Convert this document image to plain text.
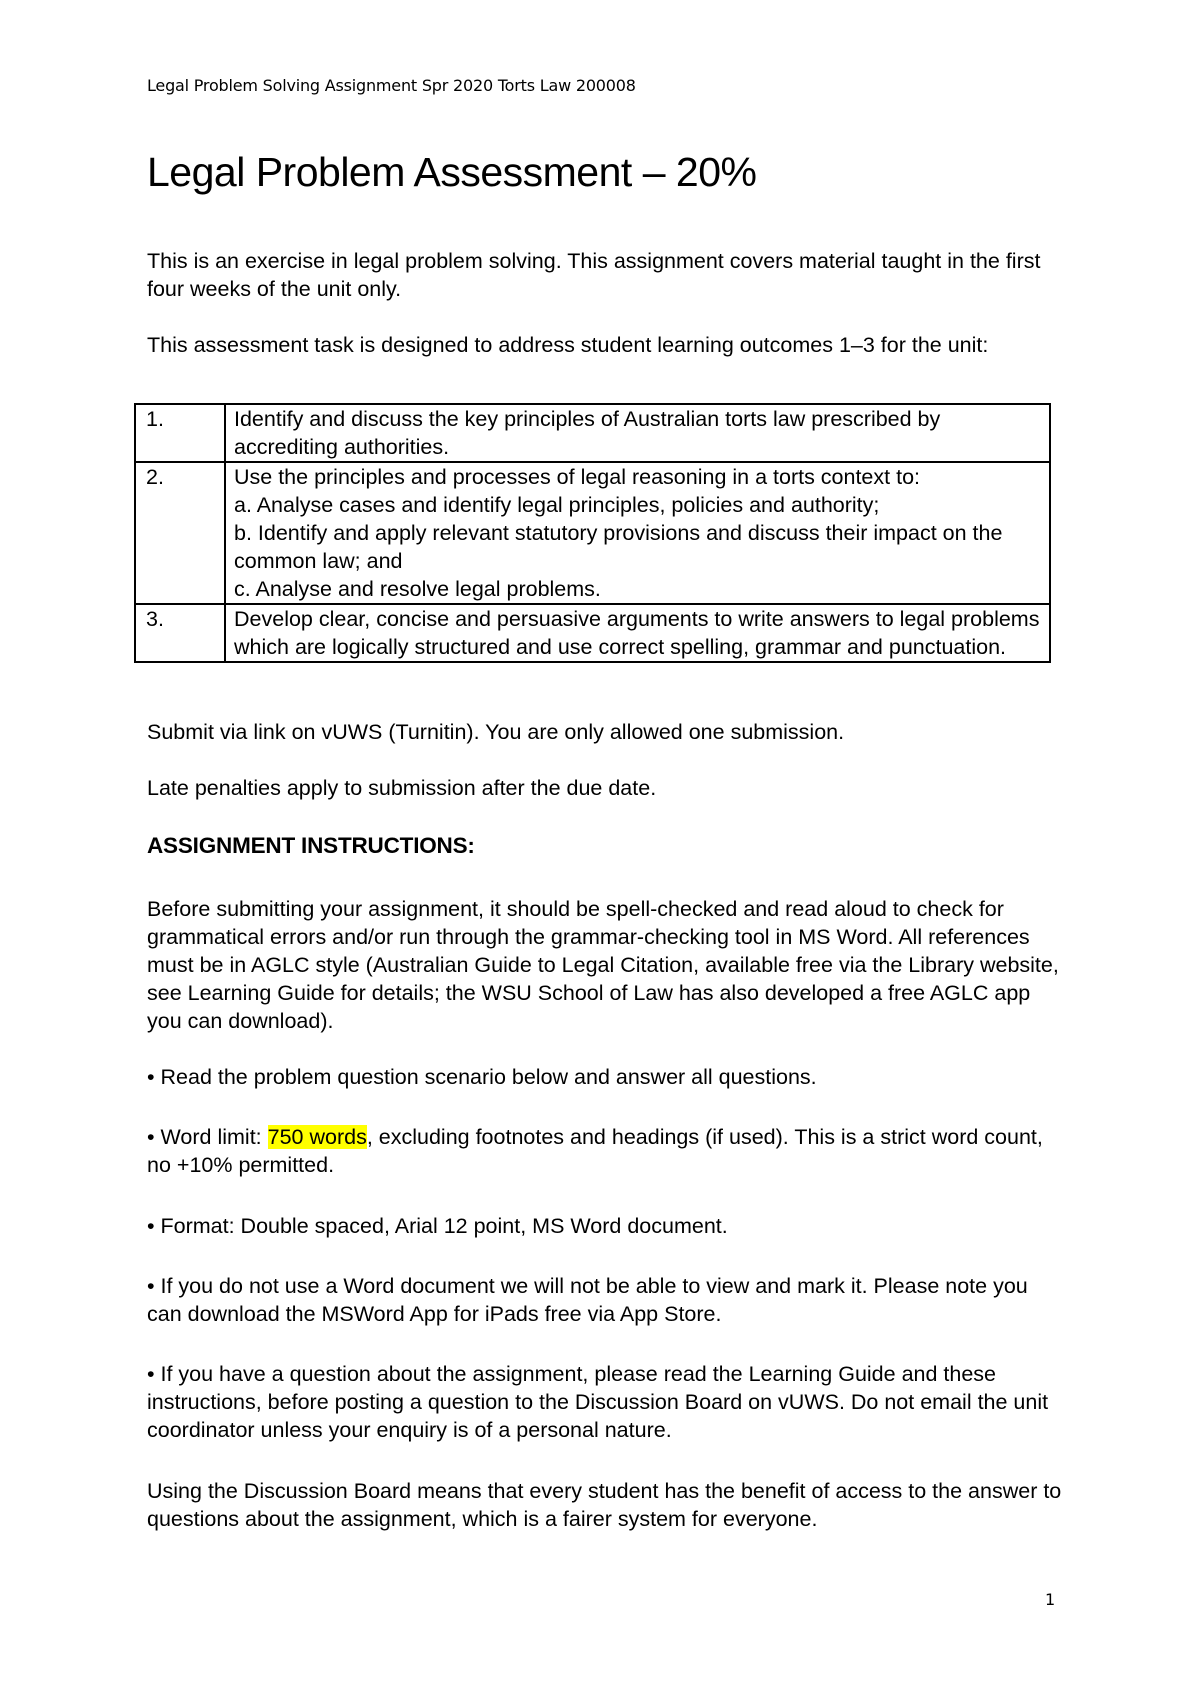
Legal Problem Solving Assignment Spr 2020 Torts Law 200008
Legal Problem Assessment – 20%

This is an exercise in legal problem solving. This assignment covers material taught in the first four weeks of the unit only.

This assessment task is designed to address student learning outcomes 1–3 for the unit:

1.	Identify and discuss the key principles of Australian torts law prescribed by accrediting authorities.

2.	Use the principles and processes of legal reasoning in a torts context to:
a. Analyse cases and identify legal principles, policies and authority;
b. Identify and apply relevant statutory provisions and discuss their impact on the common law; and
c. Analyse and resolve legal problems.

3.	Develop clear, concise and persuasive arguments to write answers to legal problems which are logically structured and use correct spelling, grammar and punctuation.

Submit via link on vUWS (Turnitin). You are only allowed one submission.

Late penalties apply to submission after the due date.

ASSIGNMENT INSTRUCTIONS:

Before submitting your assignment, it should be spell-checked and read aloud to check for grammatical errors and/or run through the grammar-checking tool in MS Word. All references must be in AGLC style (Australian Guide to Legal Citation, available free via the Library website, see Learning Guide for details; the WSU School of Law has also developed a free AGLC app you can download).

• Read the problem question scenario below and answer all questions.

• Word limit: 750 words, excluding footnotes and headings (if used). This is a strict word count, no +10% permitted.

• Format: Double spaced, Arial 12 point, MS Word document.

• If you do not use a Word document we will not be able to view and mark it. Please note you can download the MSWord App for iPads free via App Store.

• If you have a question about the assignment, please read the Learning Guide and these instructions, before posting a question to the Discussion Board on vUWS. Do not email the unit coordinator unless your enquiry is of a personal nature.

Using the Discussion Board means that every student has the benefit of access to the answer to questions about the assignment, which is a fairer system for everyone.

1
